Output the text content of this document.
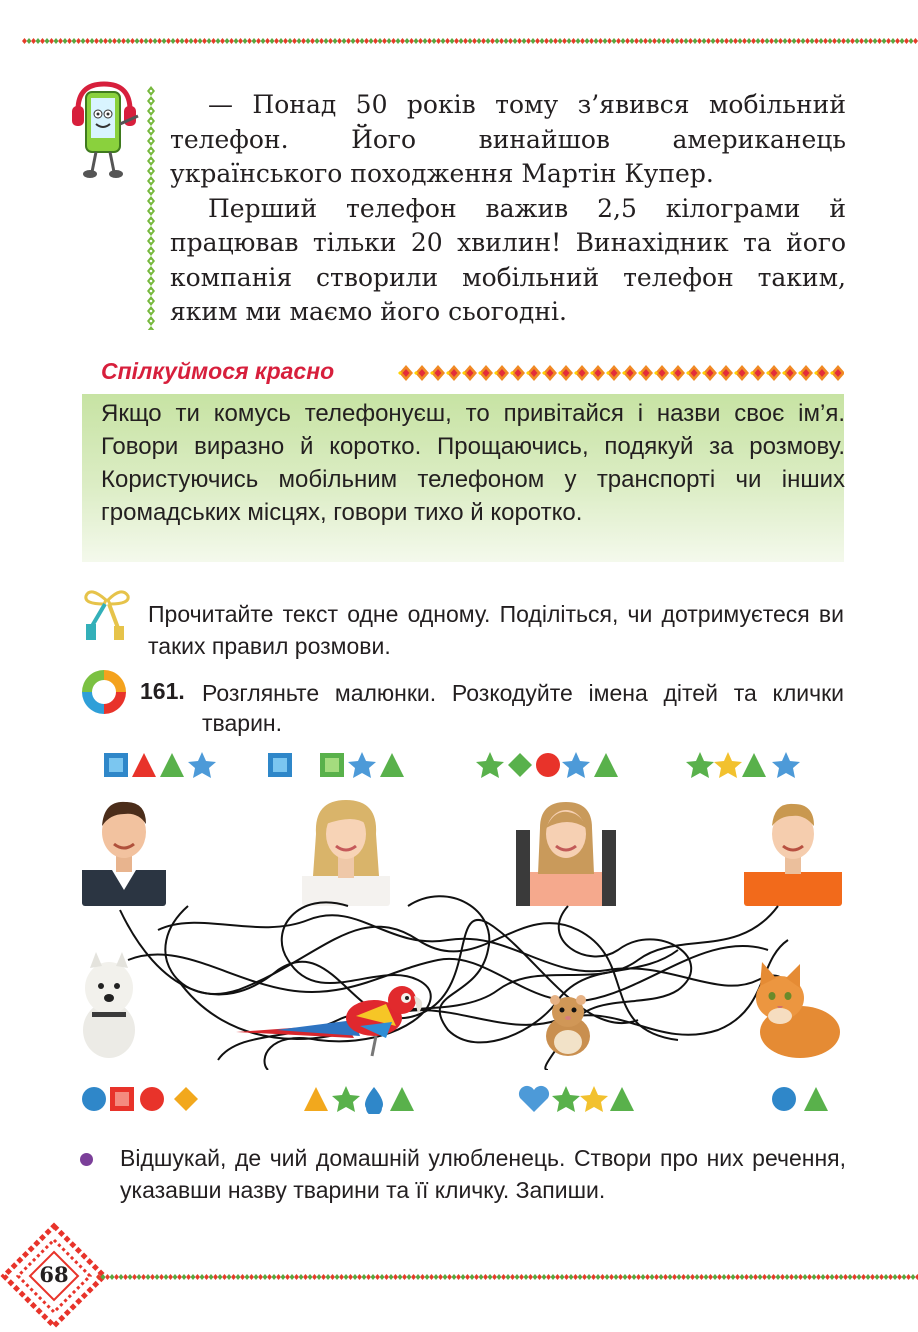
— Понад 50 років тому з’явився мобільний телефон. Його винайшов американець українського походження Мартін Купер.

Перший телефон важив 2,5 кілограми й працював тільки 20 хвилин! Винахідник та його компанія створили мобільний телефон таким, яким ми маємо його сьогодні.

Спілкуймося красно
Якщо ти комусь телефонуєш, то привітайся і назви своє ім’я. Говори виразно й коротко. Прощаючись, подякуй за розмову. Користуючись мобільним телефоном у транспорті чи інших громадських місцях, говори тихо й коротко.
Прочитайте текст одне одному. Поділіться, чи дотримуєтеся ви таких правил розмови.
161. Розгляньте малюнки. Розкодуйте імена дітей та клички тварин.
Відшукай, де чий домашній улюбленець. Створи про них речення, указавши назву тварини та її кличку. Запиши.
68
